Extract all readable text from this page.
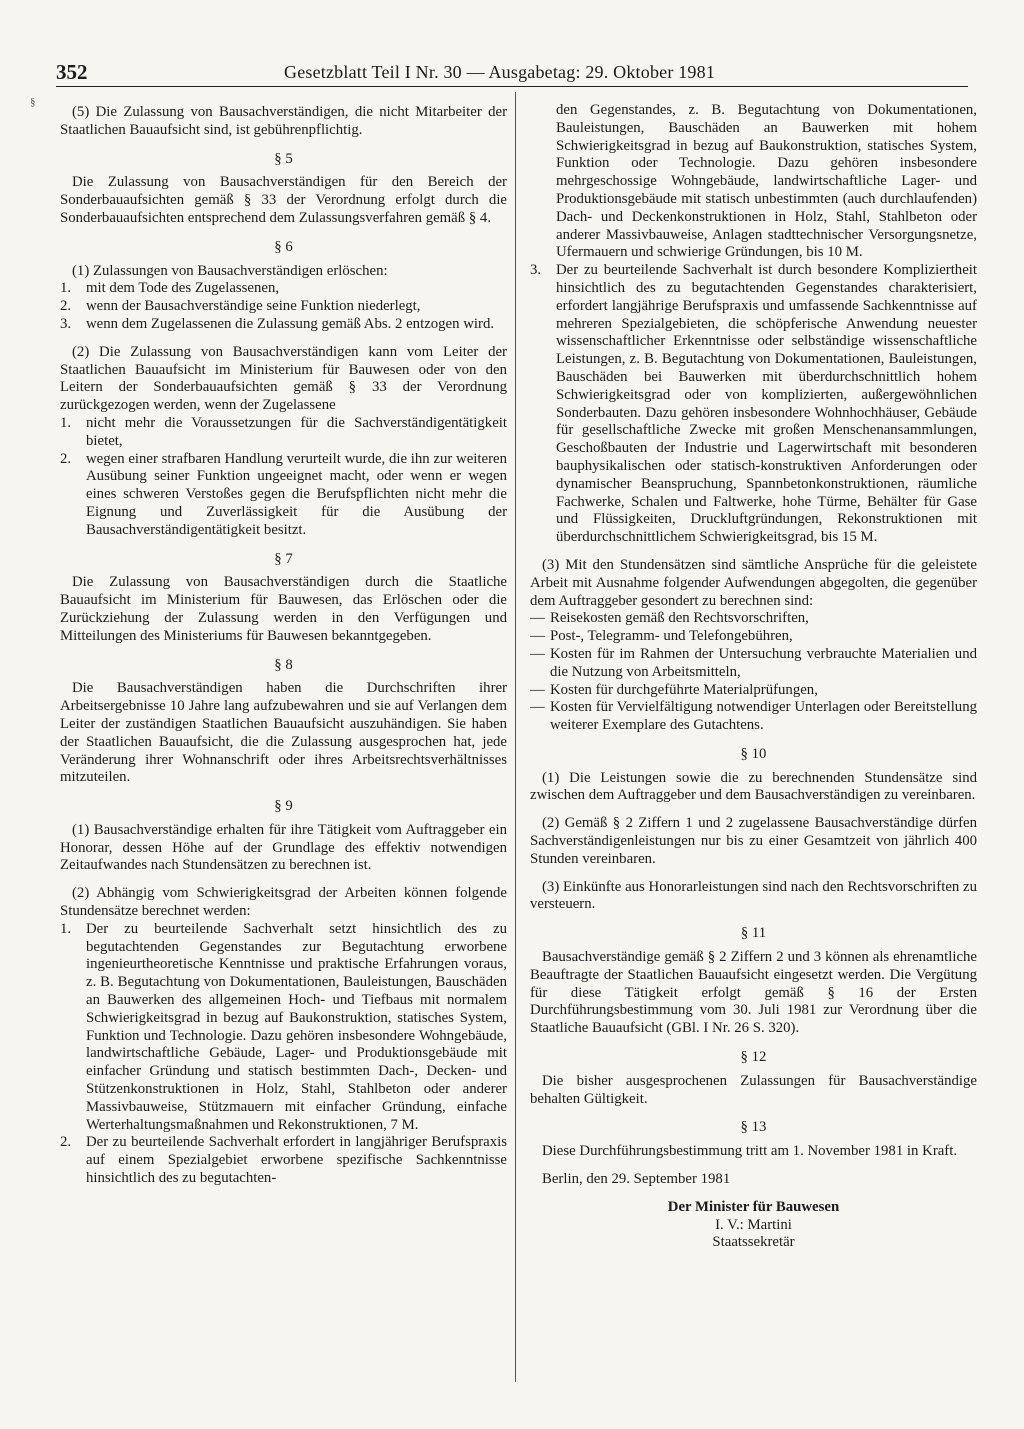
352	Gesetzblatt Teil I Nr. 30 — Ausgabetag: 29. Oktober 1981
§

(5) Die Zulassung von Bausachverständigen, die nicht Mitarbeiter der Staatlichen Bauaufsicht sind, ist gebührenpflichtig.

§ 5

Die Zulassung von Bausachverständigen für den Bereich der Sonderbauaufsichten gemäß § 33 der Verordnung erfolgt durch die Sonderbauaufsichten entsprechend dem Zulassungsverfahren gemäß § 4.

§ 6

(1) Zulassungen von Bausachverständigen erlöschen:

1.	mit dem Tode des Zugelassenen,
2.	wenn der Bausachverständige seine Funktion niederlegt,
3.	wenn dem Zugelassenen die Zulassung gemäß Abs. 2 entzogen wird.

(2) Die Zulassung von Bausachverständigen kann vom Leiter der Staatlichen Bauaufsicht im Ministerium für Bauwesen oder von den Leitern der Sonderbauaufsichten gemäß § 33 der Verordnung zurückgezogen werden, wenn der Zugelassene

1.	nicht mehr die Voraussetzungen für die Sachverständigentätigkeit bietet,
2.	wegen einer strafbaren Handlung verurteilt wurde, die ihn zur weiteren Ausübung seiner Funktion ungeeignet macht, oder wenn er wegen eines schweren Verstoßes gegen die Berufspflichten nicht mehr die Eignung und Zuverlässigkeit für die Ausübung der Bausachverständigentätigkeit besitzt.

§ 7

Die Zulassung von Bausachverständigen durch die Staatliche Bauaufsicht im Ministerium für Bauwesen, das Erlöschen oder die Zurückziehung der Zulassung werden in den Verfügungen und Mitteilungen des Ministeriums für Bauwesen bekanntgegeben.

§ 8

Die Bausachverständigen haben die Durchschriften ihrer Arbeitsergebnisse 10 Jahre lang aufzubewahren und sie auf Verlangen dem Leiter der zuständigen Staatlichen Bauaufsicht auszuhändigen. Sie haben der Staatlichen Bauaufsicht, die die Zulassung ausgesprochen hat, jede Veränderung ihrer Wohnanschrift oder ihres Arbeitsrechtsverhältnisses mitzuteilen.

§ 9

(1) Bausachverständige erhalten für ihre Tätigkeit vom Auftraggeber ein Honorar, dessen Höhe auf der Grundlage des effektiv notwendigen Zeitaufwandes nach Stundensätzen zu berechnen ist.

(2) Abhängig vom Schwierigkeitsgrad der Arbeiten können folgende Stundensätze berechnet werden:

1.	Der zu beurteilende Sachverhalt setzt hinsichtlich des zu begutachtenden Gegenstandes zur Begutachtung erworbene ingenieurtheoretische Kenntnisse und praktische Erfahrungen voraus, z. B. Begutachtung von Dokumentationen, Bauleistungen, Bauschäden an Bauwerken des allgemeinen Hoch- und Tiefbaus mit normalem Schwierigkeitsgrad in bezug auf Baukonstruktion, statisches System, Funktion und Technologie. Dazu gehören insbesondere Wohngebäude, landwirtschaftliche Gebäude, Lager- und Produktionsgebäude mit einfacher Gründung und statisch bestimmten Dach-, Decken- und Stützenkonstruktionen in Holz, Stahl, Stahlbeton oder anderer Massivbauweise, Stützmauern mit einfacher Gründung, einfache Werterhaltungsmaßnahmen und Rekonstruktionen, 7 M.
2.	Der zu beurteilende Sachverhalt erfordert in langjähriger Berufspraxis auf einem Spezialgebiet erworbene spezifische Sachkenntnisse hinsichtlich des zu begutachten-
den Gegenstandes, z. B. Begutachtung von Dokumentationen, Bauleistungen, Bauschäden an Bauwerken mit hohem Schwierigkeitsgrad in bezug auf Baukonstruktion, statisches System, Funktion oder Technologie. Dazu gehören insbesondere mehrgeschossige Wohngebäude, landwirtschaftliche Lager- und Produktionsgebäude mit statisch unbestimmten (auch durchlaufenden) Dach- und Deckenkonstruktionen in Holz, Stahl, Stahlbeton oder anderer Massivbauweise, Anlagen stadttechnischer Versorgungsnetze, Ufermauern und schwierige Gründungen, bis 10 M.
3.	Der zu beurteilende Sachverhalt ist durch besondere Kompliziertheit hinsichtlich des zu begutachtenden Gegenstandes charakterisiert, erfordert langjährige Berufspraxis und umfassende Sachkenntnisse auf mehreren Spezialgebieten, die schöpferische Anwendung neuester wissenschaftlicher Erkenntnisse oder selbständige wissenschaftliche Leistungen, z. B. Begutachtung von Dokumentationen, Bauleistungen, Bauschäden bei Bauwerken mit überdurchschnittlich hohem Schwierigkeitsgrad oder von komplizierten, außergewöhnlichen Sonderbauten. Dazu gehören insbesondere Wohnhochhäuser, Gebäude für gesellschaftliche Zwecke mit großen Menschenansammlungen, Geschoßbauten der Industrie und Lagerwirtschaft mit besonderen bauphysikalischen oder statisch-konstruktiven Anforderungen oder dynamischer Beanspruchung, Spannbetonkonstruktionen, räumliche Fachwerke, Schalen und Faltwerke, hohe Türme, Behälter für Gase und Flüssigkeiten, Druckluftgründungen, Rekonstruktionen mit überdurchschnittlichem Schwierigkeitsgrad, bis 15 M.

(3) Mit den Stundensätzen sind sämtliche Ansprüche für die geleistete Arbeit mit Ausnahme folgender Aufwendungen abgegolten, die gegenüber dem Auftraggeber gesondert zu berechnen sind:

— Reisekosten gemäß den Rechtsvorschriften,
— Post-, Telegramm- und Telefongebühren,
— Kosten für im Rahmen der Untersuchung verbrauchte Materialien und die Nutzung von Arbeitsmitteln,
— Kosten für durchgeführte Materialprüfungen,
— Kosten für Vervielfältigung notwendiger Unterlagen oder Bereitstellung weiterer Exemplare des Gutachtens.

§ 10

(1) Die Leistungen sowie die zu berechnenden Stundensätze sind zwischen dem Auftraggeber und dem Bausachverständigen zu vereinbaren.

(2) Gemäß § 2 Ziffern 1 und 2 zugelassene Bausachverständige dürfen Sachverständigenleistungen nur bis zu einer Gesamtzeit von jährlich 400 Stunden vereinbaren.

(3) Einkünfte aus Honorarleistungen sind nach den Rechtsvorschriften zu versteuern.

§ 11

Bausachverständige gemäß § 2 Ziffern 2 und 3 können als ehrenamtliche Beauftragte der Staatlichen Bauaufsicht eingesetzt werden. Die Vergütung für diese Tätigkeit erfolgt gemäß § 16 der Ersten Durchführungsbestimmung vom 30. Juli 1981 zur Verordnung über die Staatliche Bauaufsicht (GBl. I Nr. 26 S. 320).

§ 12

Die bisher ausgesprochenen Zulassungen für Bausachverständige behalten Gültigkeit.

§ 13

Diese Durchführungsbestimmung tritt am 1. November 1981 in Kraft.

Berlin, den 29. September 1981

Der Minister für Bauwesen

I. V.: Martini

Staatssekretär
